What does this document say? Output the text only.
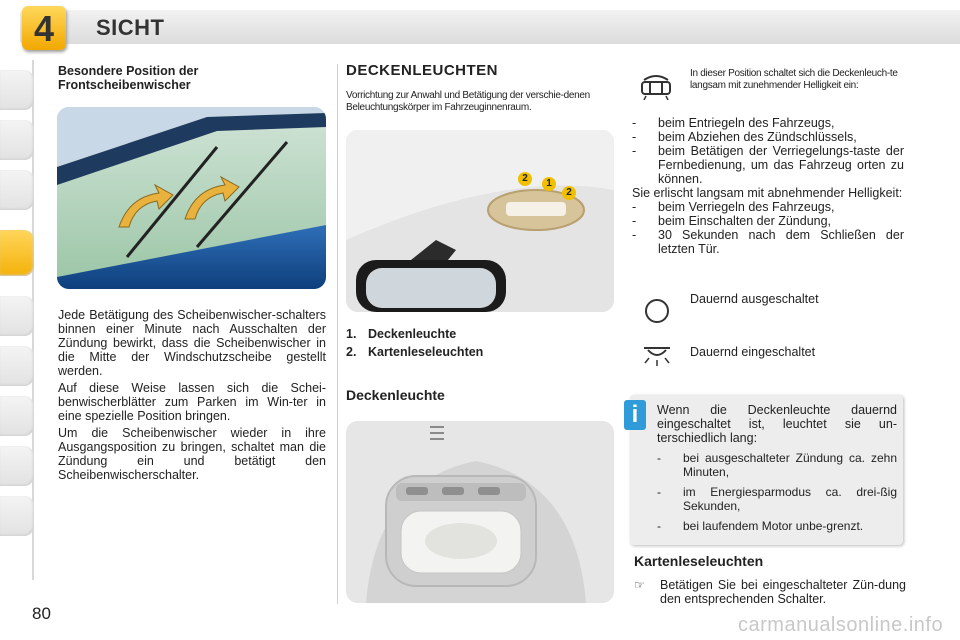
4	SICHT
Besondere Position der Frontscheibenwischer

Jede Betätigung des Scheibenwischer-schalters binnen einer Minute nach Ausschalten der Zündung bewirkt, dass die Scheibenwischer in die Mitte der Windschutzscheibe gestellt werden.

Auf diese Weise lassen sich die Schei-benwischerblätter zum Parken im Win-ter in eine spezielle Position bringen.

Um die Scheibenwischer wieder in ihre Ausgangsposition zu bringen, schaltet man die Zündung ein und betätigt den Scheibenwischerschalter.

DECKENLEUCHTEN
Vorrichtung zur Anwahl und Betätigung der verschie-denen Beleuchtungskörper im Fahrzeuginnenraum.
2	1
2
1. Deckenleuchte
2. Kartenleseleuchten
Deckenleuchte
In dieser Position schaltet sich die Deckenleuch-te langsam mit zunehmender Helligkeit ein:
-	beim Entriegeln des Fahrzeugs,
-	beim Abziehen des Zündschlüssels,
-	beim Betätigen der Verriegelungs-taste der Fernbedienung, um das Fahrzeug orten zu können.
Sie erlischt langsam mit abnehmender Helligkeit:
-	beim Verriegeln des Fahrzeugs,
-	beim Einschalten der Zündung,
-	30 Sekunden nach dem Schließen der letzten Tür.
Dauernd ausgeschaltet
Dauernd eingeschaltet
i	Wenn die Deckenleuchte dauernd eingeschaltet ist, leuchtet sie un-terschiedlich lang:
-	bei ausgeschalteter Zündung ca. zehn Minuten,
-	im Energiesparmodus ca. drei-ßig Sekunden,
-	bei laufendem Motor unbe-grenzt.
Kartenleseleuchten
☞	Betätigen Sie bei eingeschalteter Zün-dung den entsprechenden Schalter.
80
carmanualsonline.info
